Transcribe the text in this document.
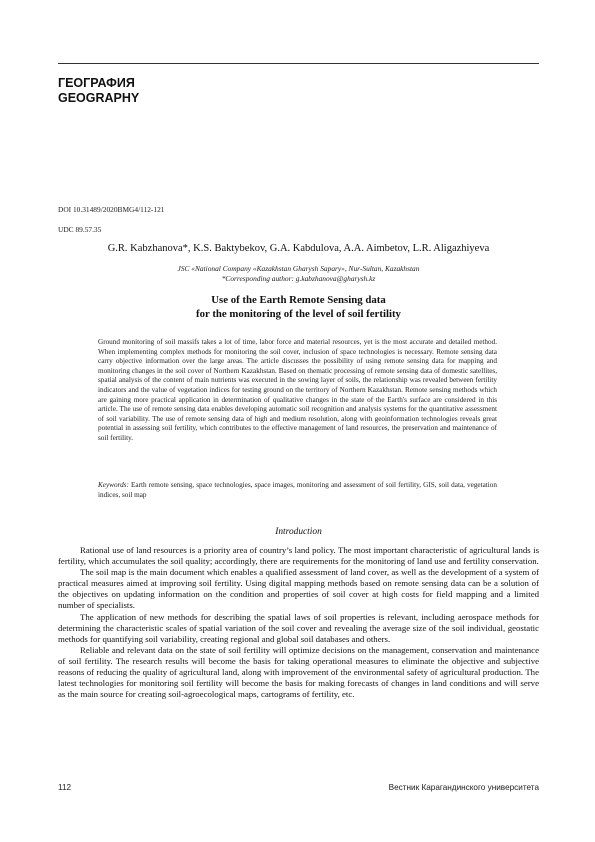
ГЕОГРАФИЯ
GEOGRAPHY
DOI 10.31489/2020BMG4/112-121
UDC 89.57.35
G.R. Kabzhanova*, K.S. Baktybekov, G.A. Kabdulova, A.A. Aimbetov, L.R. Aligazhiyeva
JSC «National Company «Kazakhstan Gharysh Sapary», Nur-Sultan, Kazakhstan
*Corresponding author: g.kabzhanova@gharysh.kz
Use of the Earth Remote Sensing data
for the monitoring of the level of soil fertility

Ground monitoring of soil massifs takes a lot of time, labor force and material resources, yet is the most accurate and detailed method. When implementing complex methods for monitoring the soil cover, inclusion of space technologies is necessary. Remote sensing data carry objective information over the large areas. The article discusses the possibility of using remote sensing data for mapping and monitoring changes in the soil cover of Northern Kazakhstan. Based on thematic processing of remote sensing data of domestic satellites, spatial analysis of the content of main nutrients was executed in the sowing layer of soils, the relationship was revealed between fertility indicators and the value of vegetation indices for testing ground on the territory of Northern Kazakhstan. Remote sensing methods which are gaining more practical application in determination of qualitative changes in the state of the Earth's surface are considered in this article. The use of remote sensing data enables developing automatic soil recognition and analysis systems for the quantitative assessment of soil variability. The use of remote sensing data of high and medium resolution, along with geoinformation technologies reveals great potential in assessing soil fertility, which contributes to the effective management of land resources, the preservation and maintenance of soil fertility.

Keywords: Earth remote sensing, space technologies, space images, monitoring and assessment of soil fertility, GIS, soil data, vegetation indices, soil map

Introduction

Rational use of land resources is a priority area of country’s land policy. The most important characteristic of agricultural lands is fertility, which accumulates the soil quality; accordingly, there are requirements for the monitoring of land use and fertility conservation.

The soil map is the main document which enables a qualified assessment of land cover, as well as the development of a system of practical measures aimed at improving soil fertility. Using digital mapping methods based on remote sensing data can be a solution of the objectives on updating information on the condition and properties of soil cover at high costs for field mapping and a limited number of specialists.

The application of new methods for describing the spatial laws of soil properties is relevant, including aerospace methods for determining the characteristic scales of spatial variation of the soil cover and revealing the average size of the soil individual, geostatic methods for quantifying soil variability, creating regional and global soil databases and others.

Reliable and relevant data on the state of soil fertility will optimize decisions on the management, conservation and maintenance of soil fertility. The research results will become the basis for taking operational measures to eliminate the objective and subjective reasons of reducing the quality of agricultural land, along with improvement of the environmental safety of agricultural production. The latest technologies for monitoring soil fertility will become the basis for making forecasts of changes in land conditions and will serve as the main source for creating soil-agroecological maps, cartograms of fertility, etc.

112	Вестник Карагандинского университета
